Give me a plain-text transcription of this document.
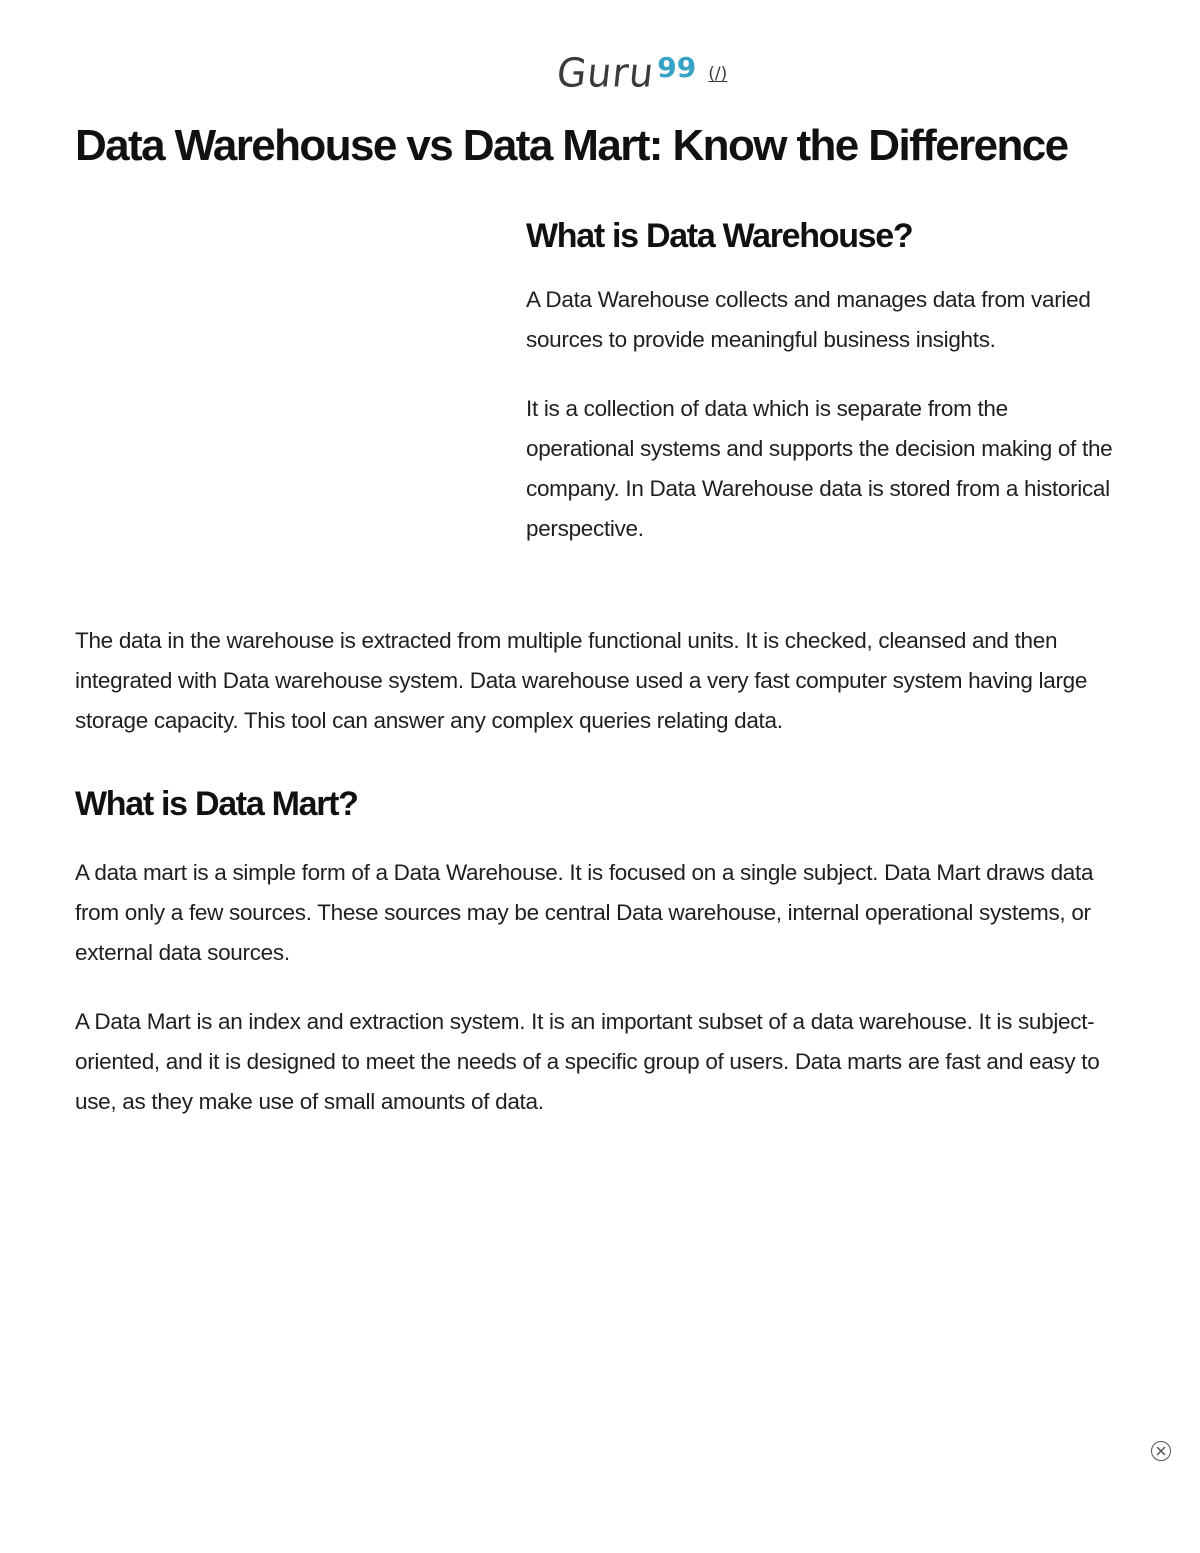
Guru 99 (/)
Data Warehouse vs Data Mart: Know the Difference
What is Data Warehouse?

A Data Warehouse collects and manages data from varied sources to provide meaningful business insights.

It is a collection of data which is separate from the operational systems and supports the decision making of the company. In Data Warehouse data is stored from a historical perspective.

The data in the warehouse is extracted from multiple functional units. It is checked, cleansed and then integrated with Data warehouse system. Data warehouse used a very fast computer system having large storage capacity. This tool can answer any complex queries relating data.

What is Data Mart?

A data mart is a simple form of a Data Warehouse. It is focused on a single subject. Data Mart draws data from only a few sources. These sources may be central Data warehouse, internal operational systems, or external data sources.

A Data Mart is an index and extraction system. It is an important subset of a data warehouse. It is subject-oriented, and it is designed to meet the needs of a specific group of users. Data marts are fast and easy to use, as they make use of small amounts of data.
